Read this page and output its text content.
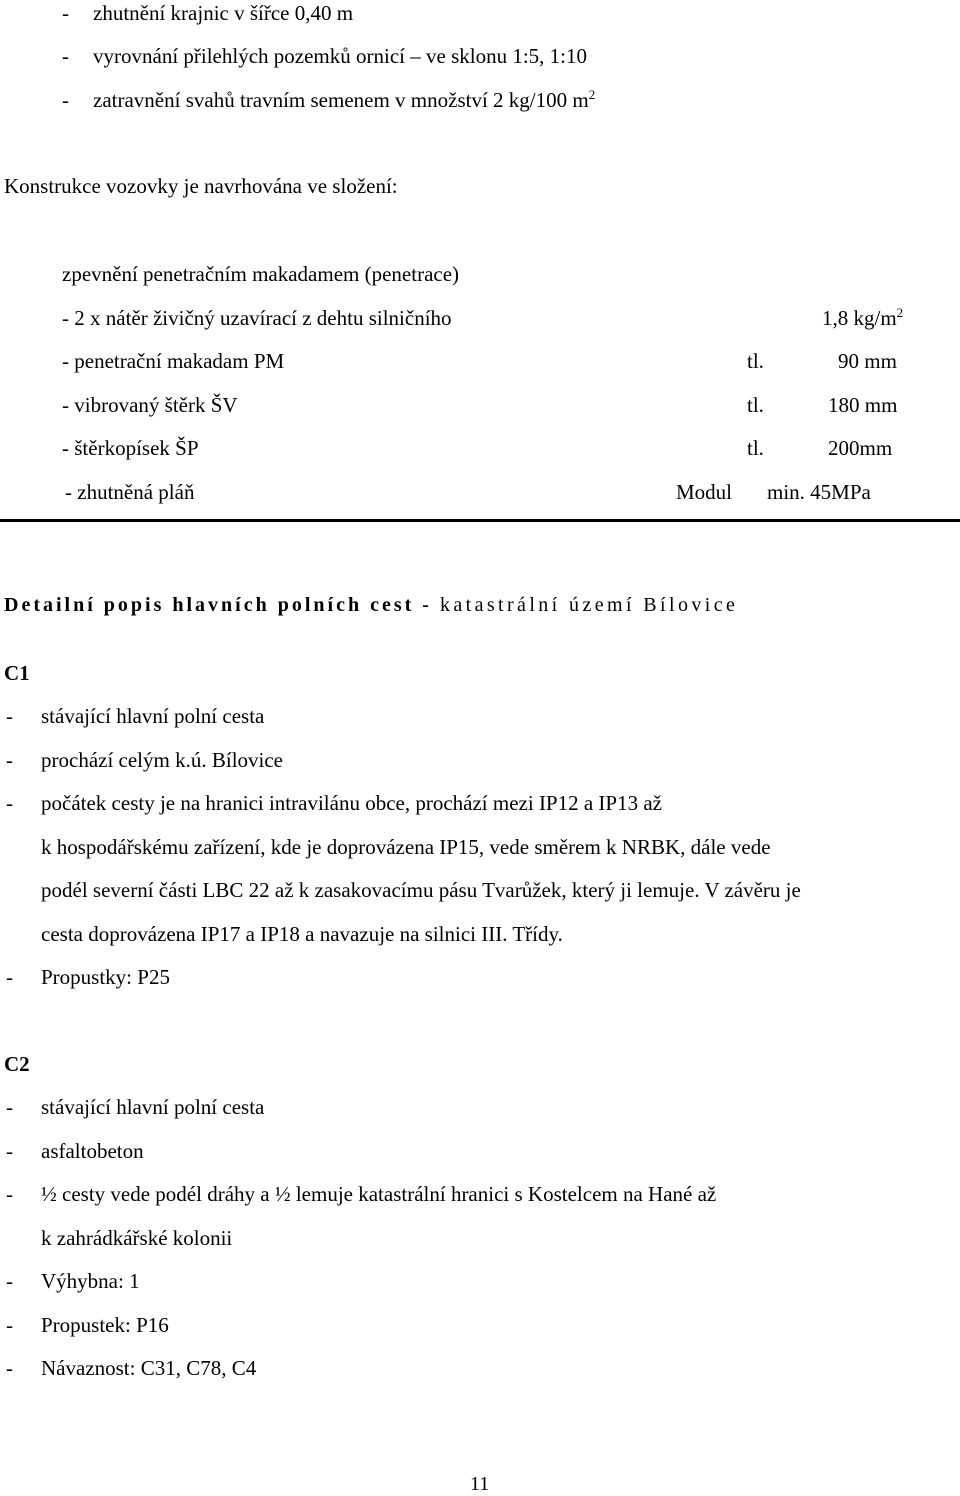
- zhutnění krajnic v šířce 0,40 m
- vyrovnání přilehlých pozemků ornicí – ve sklonu 1:5, 1:10
- zatravnění svahů travním semenem v množství 2 kg/100 $m^2$
Konstrukce vozovky je navrhována ve složení:
zpevnění penetračním makadamem (penetrace)
- 2 x nátěr živičný uzavírací z dehtu silničního	1,8 $kg/m^2$
- penetrační makadam PM	tl.	90 mm
- vibrovaný štěrk ŠV	tl.	180 mm
- štěrkopísek ŠP	tl.	200mm
- zhutněná pláň	Modul min. 45MPa
Detailní popis hlavních polních cest - katastrální území Bílovice
C1
- stávající hlavní polní cesta
- prochází celým k.ú. Bílovice
- počátek cesty je na hranici intravilánu obce, prochází mezi IP12 a IP13 až
k hospodářskému zařízení, kde je doprovázena IP15, vede směrem k NRBK, dále vede
podél severní části LBC 22 až k zasakovacímu pásu Tvarůžek, který ji lemuje. V závěru je
cesta doprovázena IP17 a IP18 a navazuje na silnici III. Třídy.
- Propustky: P25
C2
- stávající hlavní polní cesta
- asfaltobeton
- ½ cesty vede podél dráhy a ½ lemuje katastrální hranici s Kostelcem na Hané až
k zahrádkářské kolonii
- Výhybna: 1
- Propustek: P16
- Návaznost: C31, C78, C4
11
